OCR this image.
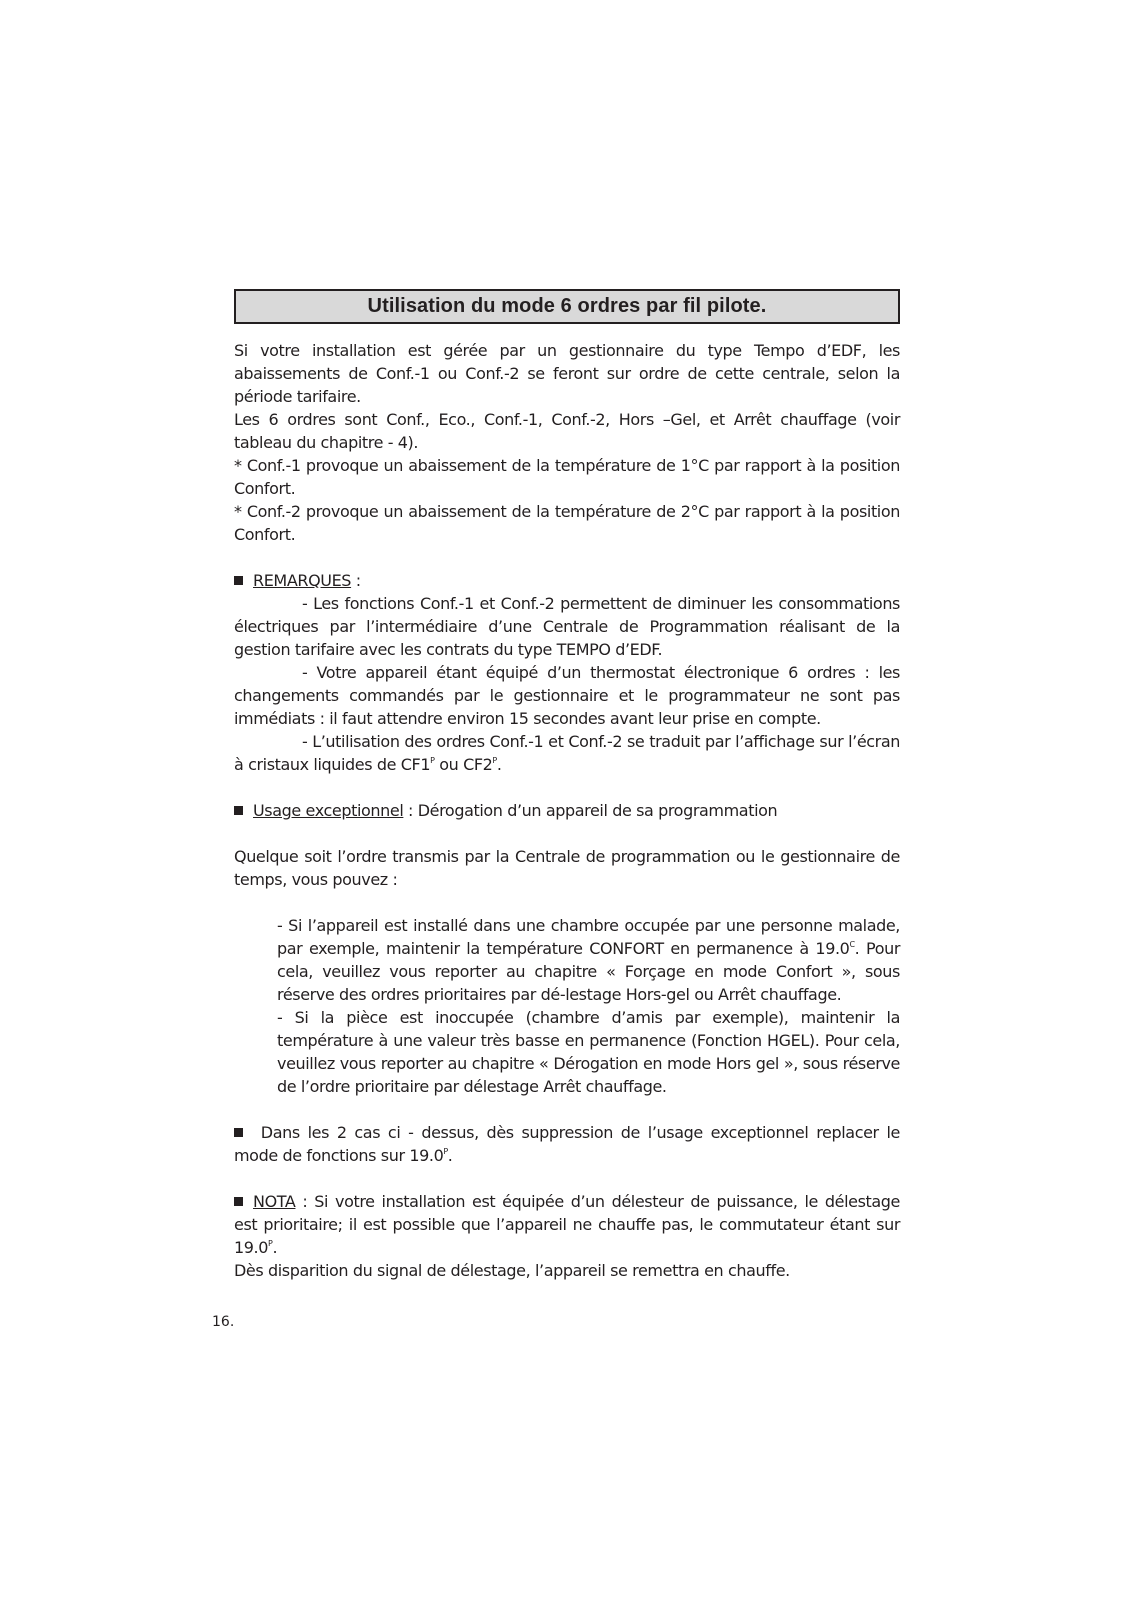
Utilisation du mode 6 ordres par fil pilote.

Si votre installation est gérée par un gestionnaire du type Tempo d’EDF, les abaissements de Conf.-1 ou Conf.-2 se feront sur ordre de cette centrale, selon la période tarifaire.

Les 6 ordres sont Conf., Eco., Conf.-1, Conf.-2, Hors –Gel, et Arrêt chauffage (voir tableau du chapitre - 4).

* Conf.-1 provoque un abaissement de la température de 1°C par rapport à la position Confort.

* Conf.-2 provoque un abaissement de la température de 2°C par rapport à la position Confort.

REMARQUES :

- Les fonctions Conf.-1 et Conf.-2 permettent de diminuer les consommations électriques par l’intermédiaire d’une Centrale de Programmation réalisant de la gestion tarifaire avec les contrats du type TEMPO d’EDF.

- Votre appareil étant équipé d’un thermostat électronique 6 ordres : les changements commandés par le gestionnaire et le programmateur ne sont pas immédiats : il faut attendre environ 15 secondes avant leur prise en compte.

- L’utilisation des ordres Conf.-1 et Conf.-2 se traduit par l’affichage sur l’écran à cristaux liquides de $CF1^P$ ou $CF2^P$.

Usage exceptionnel : Dérogation d’un appareil de sa programmation

Quelque soit l’ordre transmis par la Centrale de programmation ou le gestionnaire de temps, vous pouvez :

- Si l’appareil est installé dans une chambre occupée par une personne malade, par exemple, maintenir la température CONFORT en permanence à $19.0^C$. Pour cela, veuillez vous reporter au chapitre « Forçage en mode Confort », sous réserve des ordres prioritaires par dé-lestage Hors-gel ou Arrêt chauffage.

- Si la pièce est inoccupée (chambre d’amis par exemple), maintenir la température à une valeur très basse en permanence (Fonction HGEL). Pour cela, veuillez vous reporter au chapitre « Dérogation en mode Hors gel », sous réserve de l’ordre prioritaire par délestage Arrêt chauffage.

Dans les 2 cas ci - dessus, dès suppression de l’usage exceptionnel replacer le mode de fonctions sur $19.0^P$.

NOTA : Si votre installation est équipée d’un délesteur de puissance, le délestage est prioritaire; il est possible que l’appareil ne chauffe pas, le commutateur étant sur $19.0^P$.

Dès disparition du signal de délestage, l’appareil se remettra en chauffe.

16.
